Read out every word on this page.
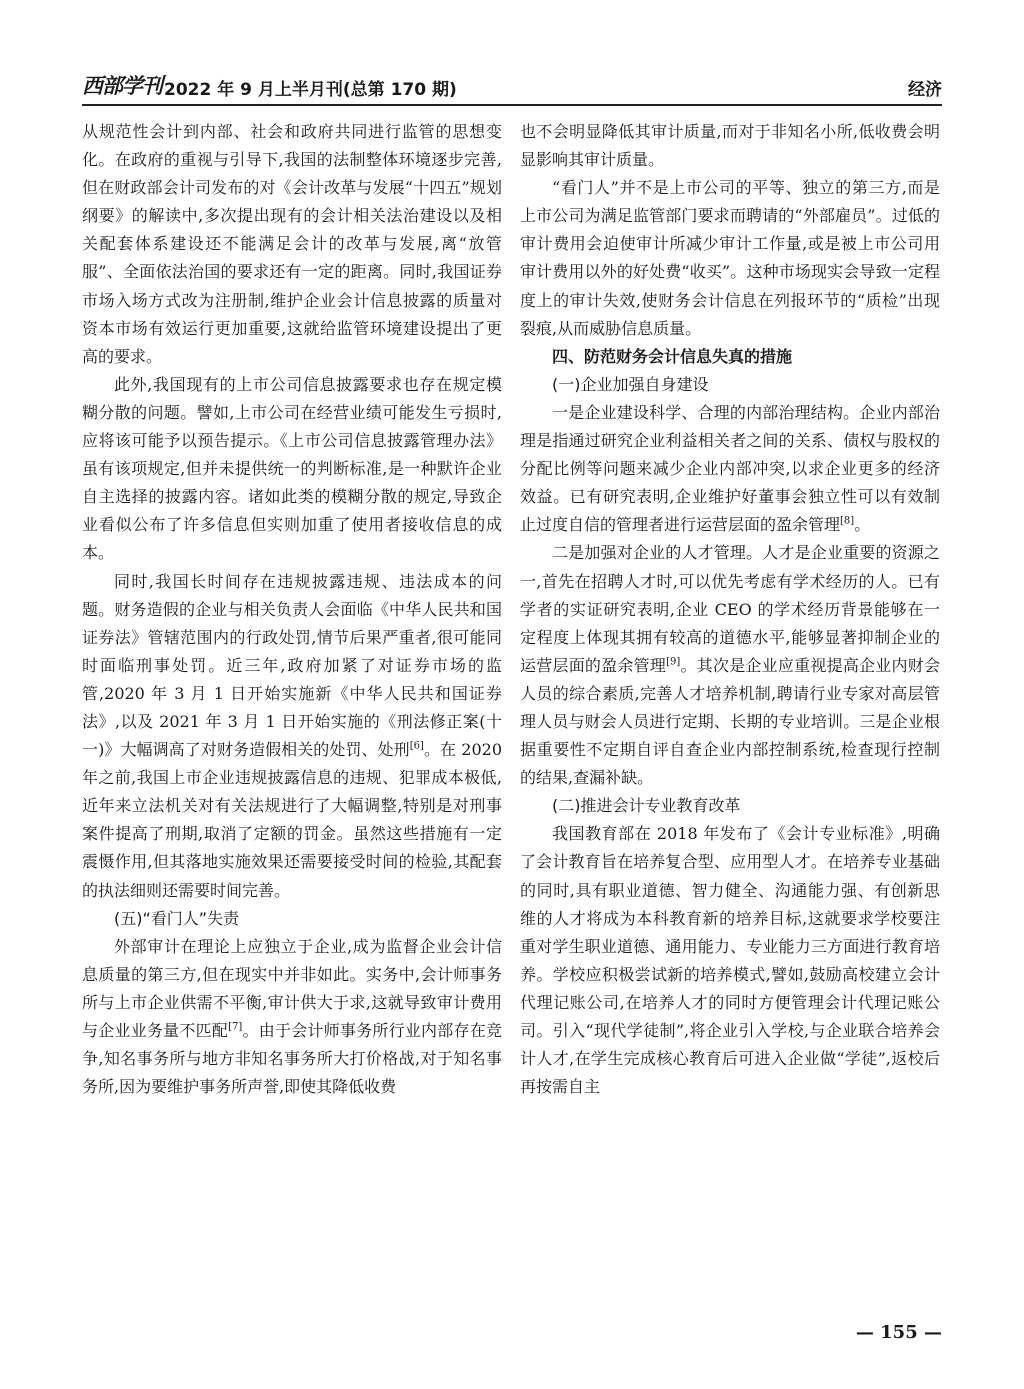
西部学刊 2022 年 9 月上半月刊(总第 170 期)	经济

从规范性会计到内部、社会和政府共同进行监管的思想变化。在政府的重视与引导下,我国的法制整体环境逐步完善,但在财政部会计司发布的对《会计改革与发展“十四五”规划纲要》的解读中,多次提出现有的会计相关法治建设以及相关配套体系建设还不能满足会计的改革与发展,离“放管服”、全面依法治国的要求还有一定的距离。同时,我国证券市场入场方式改为注册制,维护企业会计信息披露的质量对资本市场有效运行更加重要,这就给监管环境建设提出了更高的要求。

此外,我国现有的上市公司信息披露要求也存在规定模糊分散的问题。譬如,上市公司在经营业绩可能发生亏损时,应将该可能予以预告提示。《上市公司信息披露管理办法》虽有该项规定,但并未提供统一的判断标准,是一种默许企业自主选择的披露内容。诸如此类的模糊分散的规定,导致企业看似公布了许多信息但实则加重了使用者接收信息的成本。

同时,我国长时间存在违规披露违规、违法成本的问题。财务造假的企业与相关负责人会面临《中华人民共和国证券法》管辖范围内的行政处罚,情节后果严重者,很可能同时面临刑事处罚。近三年,政府加紧了对证券市场的监管,2020 年 3 月 1 日开始实施新《中华人民共和国证券法》,以及 2021 年 3 月 1 日开始实施的《刑法修正案(十一)》大幅调高了对财务造假相关的处罚、处刑[6]。在 2020 年之前,我国上市企业违规披露信息的违规、犯罪成本极低,近年来立法机关对有关法规进行了大幅调整,特别是对刑事案件提高了刑期,取消了定额的罚金。虽然这些措施有一定震慑作用,但其落地实施效果还需要接受时间的检验,其配套的执法细则还需要时间完善。

(五)“看门人”失责

外部审计在理论上应独立于企业,成为监督企业会计信息质量的第三方,但在现实中并非如此。实务中,会计师事务所与上市企业供需不平衡,审计供大于求,这就导致审计费用与企业业务量不匹配[7]。由于会计师事务所行业内部存在竞争,知名事务所与地方非知名事务所大打价格战,对于知名事务所,因为要维护事务所声誉,即使其降低收费

也不会明显降低其审计质量,而对于非知名小所,低收费会明显影响其审计质量。

“看门人”并不是上市公司的平等、独立的第三方,而是上市公司为满足监管部门要求而聘请的“外部雇员”。过低的审计费用会迫使审计所减少审计工作量,或是被上市公司用审计费用以外的好处费“收买”。这种市场现实会导致一定程度上的审计失效,使财务会计信息在列报环节的“质检”出现裂痕,从而威胁信息质量。

四、防范财务会计信息失真的措施

(一)企业加强自身建设

一是企业建设科学、合理的内部治理结构。企业内部治理是指通过研究企业利益相关者之间的关系、债权与股权的分配比例等问题来减少企业内部冲突,以求企业更多的经济效益。已有研究表明,企业维护好董事会独立性可以有效制止过度自信的管理者进行运营层面的盈余管理[8]。

二是加强对企业的人才管理。人才是企业重要的资源之一,首先在招聘人才时,可以优先考虑有学术经历的人。已有学者的实证研究表明,企业 CEO 的学术经历背景能够在一定程度上体现其拥有较高的道德水平,能够显著抑制企业的运营层面的盈余管理[9]。其次是企业应重视提高企业内财会人员的综合素质,完善人才培养机制,聘请行业专家对高层管理人员与财会人员进行定期、长期的专业培训。三是企业根据重要性不定期自评自查企业内部控制系统,检查现行控制的结果,查漏补缺。

(二)推进会计专业教育改革

我国教育部在 2018 年发布了《会计专业标准》,明确了会计教育旨在培养复合型、应用型人才。在培养专业基础的同时,具有职业道德、智力健全、沟通能力强、有创新思维的人才将成为本科教育新的培养目标,这就要求学校要注重对学生职业道德、通用能力、专业能力三方面进行教育培养。学校应积极尝试新的培养模式,譬如,鼓励高校建立会计代理记账公司,在培养人才的同时方便管理会计代理记账公司。引入“现代学徒制”,将企业引入学校,与企业联合培养会计人才,在学生完成核心教育后可进入企业做“学徒”,返校后再按需自主

— 155 —
